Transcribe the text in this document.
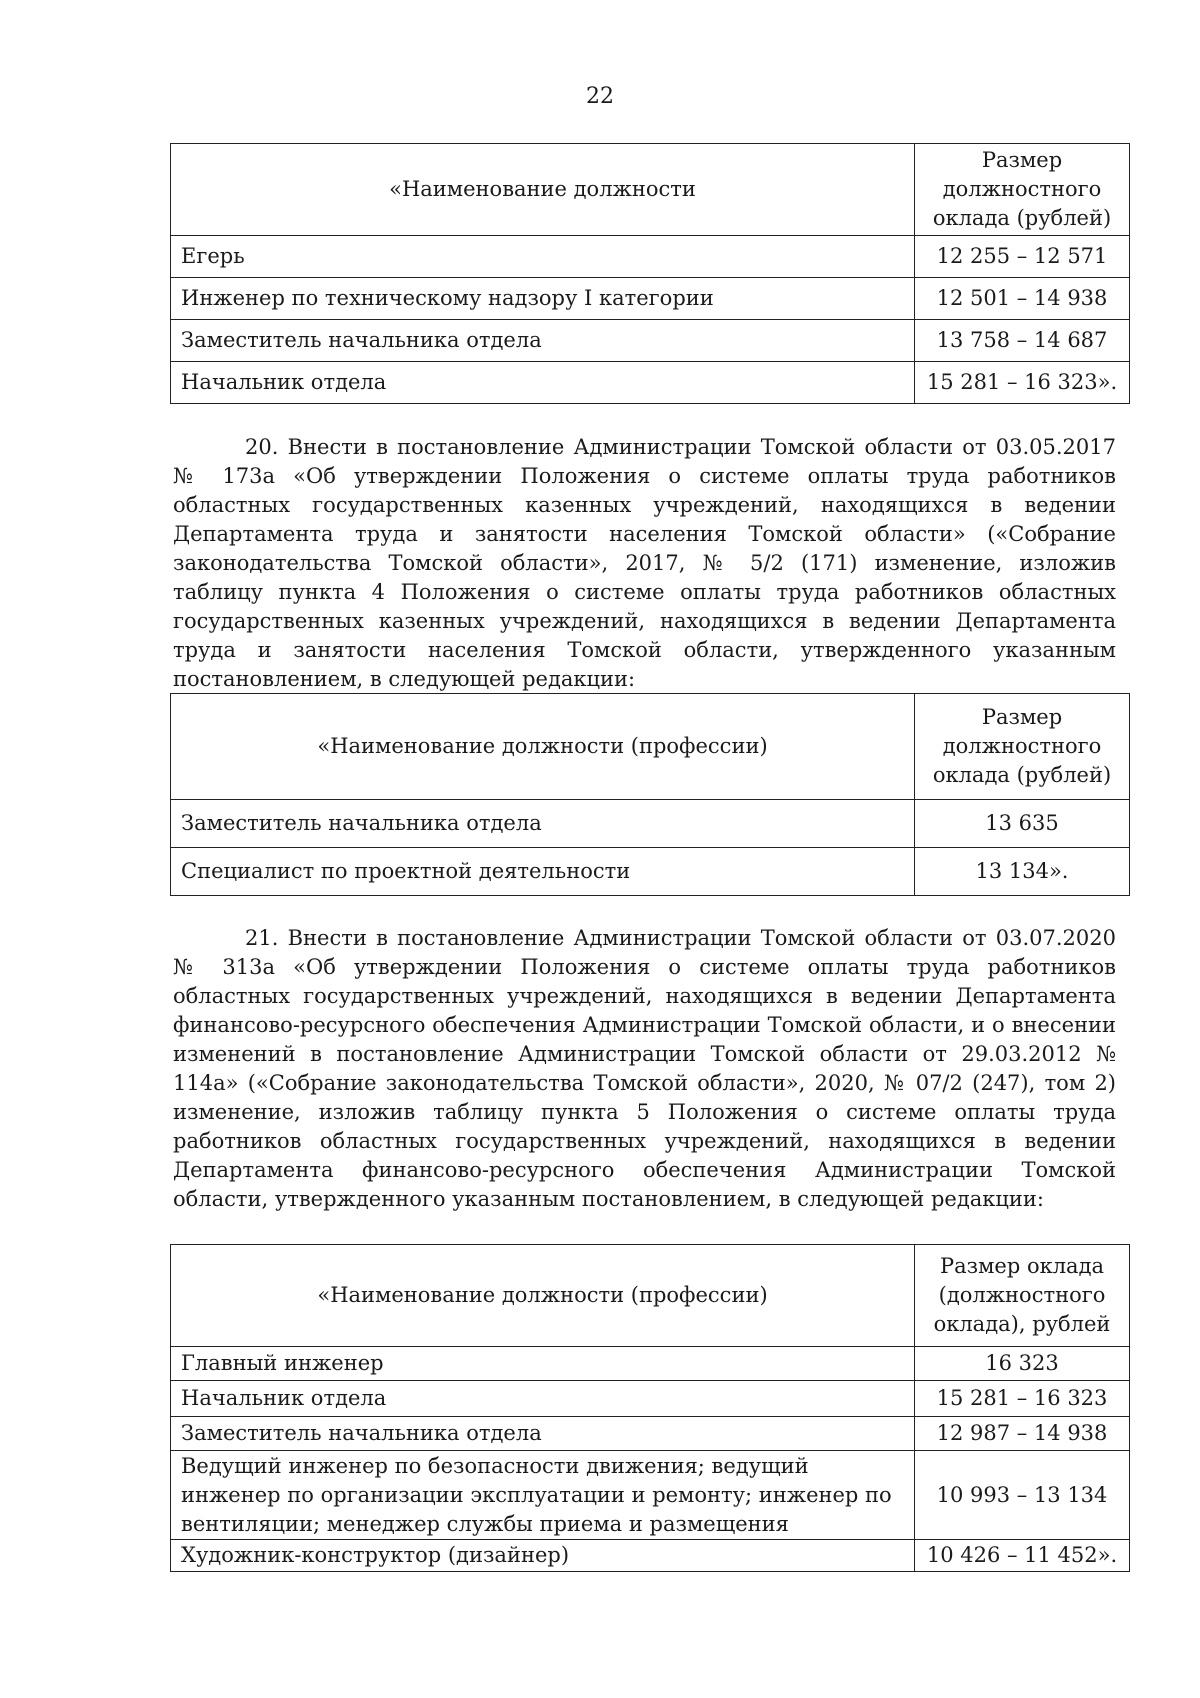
22
«Наименование должности	Размер должностного оклада (рублей)
Егерь	12 255 – 12 571
Инженер по техническому надзору I категории	12 501 – 14 938
Заместитель начальника отдела	13 758 – 14 687
Начальник отдела	15 281 – 16 323».

20. Внести в постановление Администрации Томской области от 03.05.2017 № 173а «Об утверждении Положения о системе оплаты труда работников областных государственных казенных учреждений, находящихся в ведении Департамента труда и занятости населения Томской области» («Собрание законодательства Томской области», 2017, № 5/2 (171) изменение, изложив таблицу пункта 4 Положения о системе оплаты труда работников областных государственных казенных учреждений, находящихся в ведении Департамента труда и занятости населения Томской области, утвержденного указанным постановлением, в следующей редакции:

«Наименование должности (профессии)	Размер должностного оклада (рублей)
Заместитель начальника отдела	13 635
Специалист по проектной деятельности	13 134».

21. Внести в постановление Администрации Томской области от 03.07.2020 № 313а «Об утверждении Положения о системе оплаты труда работников областных государственных учреждений, находящихся в ведении Департамента финансово-ресурсного обеспечения Администрации Томской области, и о внесении изменений в постановление Администрации Томской области от 29.03.2012 № 114а» («Собрание законодательства Томской области», 2020, № 07/2 (247), том 2) изменение, изложив таблицу пункта 5 Положения о системе оплаты труда работников областных государственных учреждений, находящихся в ведении Департамента финансово-ресурсного обеспечения Администрации Томской области, утвержденного указанным постановлением, в следующей редакции:

«Наименование должности (профессии)	Размер оклада (должностного оклада), рублей
Главный инженер	16 323
Начальник отдела	15 281 – 16 323
Заместитель начальника отдела	12 987 – 14 938
Ведущий инженер по безопасности движения; ведущий инженер по организации эксплуатации и ремонту; инженер по вентиляции; менеджер службы приема и размещения	10 993 – 13 134
Художник-конструктор (дизайнер)	10 426 – 11 452».
